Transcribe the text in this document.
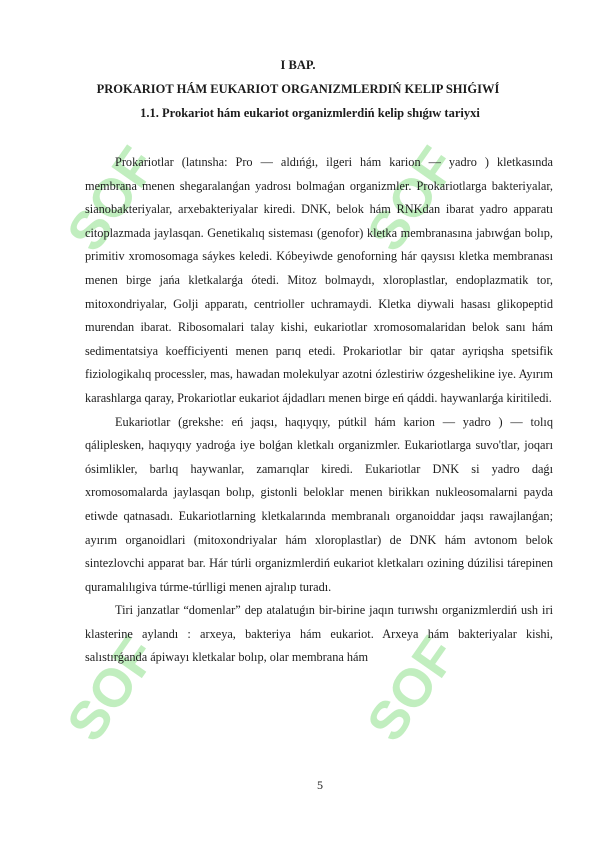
SOF	SOF
SOF	SOF
I BAP.
PROKARIOT HÁM EUKARIOT ORGANIZMLERDIŃ KELIP SHIǴIWÍ
1.1. Prokariot hám eukariot organizmlerdiń kelip shıǵıw tariyxi

Prokariotlar (latınsha: Pro — aldıńǵı, ilgeri hám karion — yadro ) kletkasında membrana menen shegaralanǵan yadrosı bolmaǵan organizmler. Prokariotlarga bakteriyalar, sianobakteriyalar, arxebakteriyalar kiredi. DNK, belok hám RNKdan ibarat yadro apparatı citoplazmada jaylasqan. Genetikalıq sisteması (genofor) kletka membranasına jabıwǵan bolıp, primitiv xromosomaga sáykes keledi. Kóbeyiwde genoforning hár qaysısı kletka membranası menen birge jańa kletkalarǵa ótedi. Mitoz bolmaydı, xloroplastlar, endoplazmatik tor, mitoxondriyalar, Golji apparatı, centrioller uchramaydi. Kletka diywali hasası glikopeptid murendan ibarat. Ribosomalari talay kishi, eukariotlar xromosomalaridan belok sanı hám sedimentatsiya koefficiyenti menen parıq etedi. Prokariotlar bir qatar ayriqsha spetsifik fiziologikalıq processler, mas, hawadan molekulyar azotni ózlestiriw ózgeshelikine iye. Ayırım karashlarga qaray, Prokariotlar eukariot ájdadları menen birge eń qáddi. haywanlarǵa kiritiledi.

Eukariotlar (grekshe: eń jaqsı, haqıyqıy, pútkil hám karion — yadro ) — tolıq qáliplesken, haqıyqıy yadroǵa iye bolǵan kletkalı organizmler. Eukariotlarga suvo'tlar, joqarı ósimlikler, barlıq haywanlar, zamarıqlar kiredi. Eukariotlar DNK si yadro daǵı xromosomalarda jaylasqan bolıp, gistonli beloklar menen birikkan nukleosomalarni payda etiwde qatnasadı. Eukariotlarning kletkalarında membranalı organoiddar jaqsı rawajlanǵan; ayırım organoidlari (mitoxondriyalar hám xloroplastlar) de DNK hám avtonom belok sintezlovchi apparat bar. Hár túrli organizmlerdiń eukariot kletkaları ozining dúzilisi tárepinen quramalılıgiva túrme-túrlligi menen ajralıp turadı.

Tiri janzatlar “domenlar” dep atalatuǵın bir-birine jaqın turıwshı organizmlerdiń ush iri klasterine aylandı : arxeya, bakteriya hám eukariot. Arxeya hám bakteriyalar kishi, salıstırǵanda ápiwayı kletkalar bolıp, olar membrana hám

5
